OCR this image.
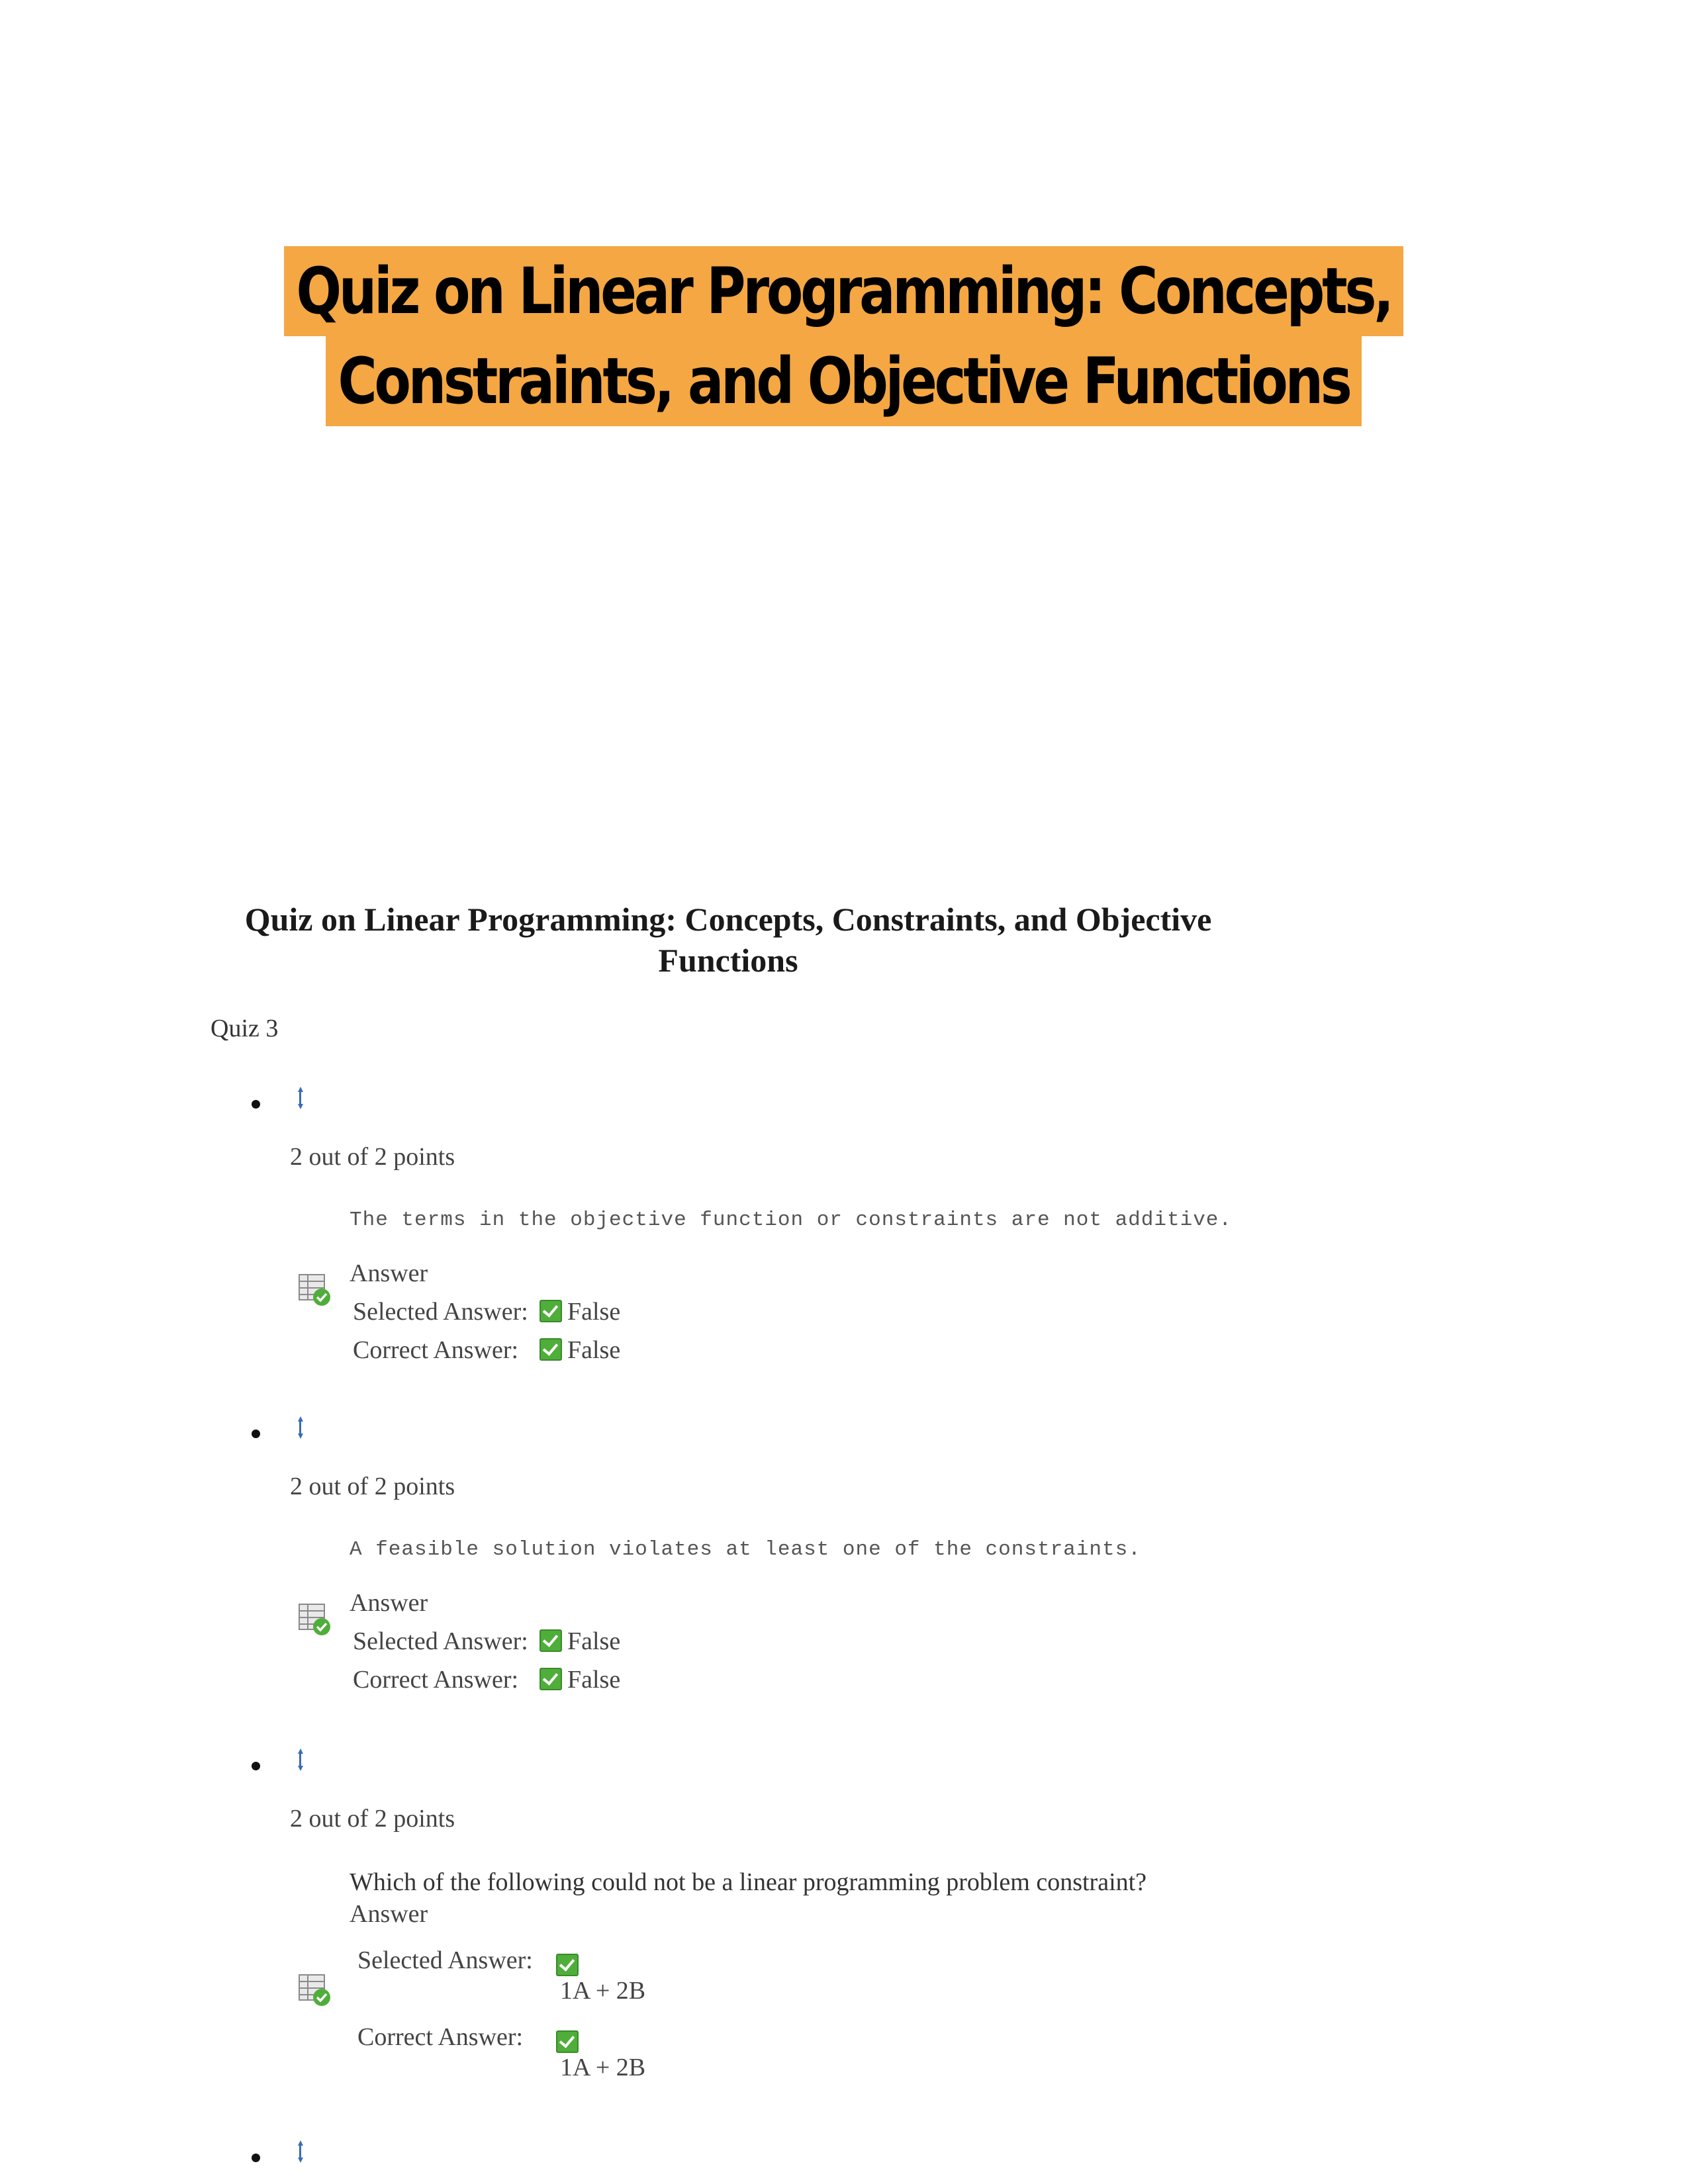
Quiz on Linear Programming: Concepts,
Constraints, and Objective Functions
Quiz on Linear Programming: Concepts, Constraints, and Objective
Functions
Quiz 3
2 out of 2 points
The terms in the objective function or constraints are not additive.
Answer
Selected Answer: False
Correct Answer: False
2 out of 2 points
A feasible solution violates at least one of the constraints.
Answer
Selected Answer: False
Correct Answer: False
2 out of 2 points
Which of the following could not be a linear programming problem constraint?
Answer
Selected Answer:
1A + 2B
Correct Answer:
1A + 2B
